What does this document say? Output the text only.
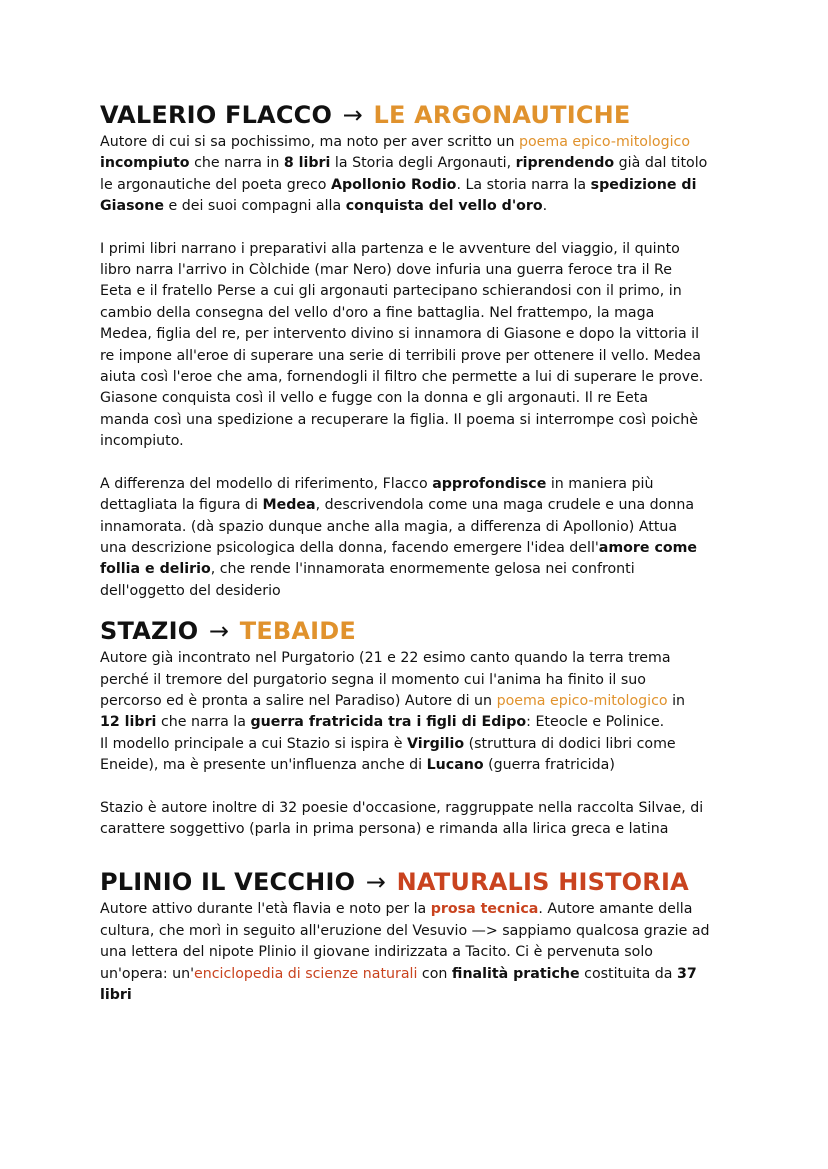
VALERIO FLACCO → LE ARGONAUTICHE

Autore di cui si sa pochissimo, ma noto per aver scritto un poema epico-mitologico
incompiuto che narra in 8 libri la Storia degli Argonauti, riprendendo già dal titolo
le argonautiche del poeta greco Apollonio Rodio. La storia narra la spedizione di
Giasone e dei suoi compagni alla conquista del vello d'oro.

I primi libri narrano i preparativi alla partenza e le avventure del viaggio, il quinto
libro narra l'arrivo in Còlchide (mar Nero) dove infuria una guerra feroce tra il Re
Eeta e il fratello Perse a cui gli argonauti partecipano schierandosi con il primo, in
cambio della consegna del vello d'oro a fine battaglia. Nel frattempo, la maga
Medea, figlia del re, per intervento divino si innamora di Giasone e dopo la vittoria il
re impone all'eroe di superare una serie di terribili prove per ottenere il vello. Medea
aiuta così l'eroe che ama, fornendogli il filtro che permette a lui di superare le prove.
Giasone conquista così il vello e fugge con la donna e gli argonauti. Il re Eeta
manda così una spedizione a recuperare la figlia. Il poema si interrompe così poichè
incompiuto.

A differenza del modello di riferimento, Flacco approfondisce in maniera più
dettagliata la figura di Medea, descrivendola come una maga crudele e una donna
innamorata. (dà spazio dunque anche alla magia, a differenza di Apollonio) Attua
una descrizione psicologica della donna, facendo emergere l'idea dell'amore come
follia e delirio, che rende l'innamorata enormemente gelosa nei confronti
dell'oggetto del desiderio

STAZIO → TEBAIDE

Autore già incontrato nel Purgatorio (21 e 22 esimo canto quando la terra trema
perché il tremore del purgatorio segna il momento cui l'anima ha finito il suo
percorso ed è pronta a salire nel Paradiso) Autore di un poema epico-mitologico in
12 libri che narra la guerra fratricida tra i figli di Edipo: Eteocle e Polinice.
Il modello principale a cui Stazio si ispira è Virgilio (struttura di dodici libri come
Eneide), ma è presente un'influenza anche di Lucano (guerra fratricida)

Stazio è autore inoltre di 32 poesie d'occasione, raggruppate nella raccolta Silvae, di
carattere soggettivo (parla in prima persona) e rimanda alla lirica greca e latina

PLINIO IL VECCHIO → NATURALIS HISTORIA

Autore attivo durante l'età flavia e noto per la prosa tecnica. Autore amante della
cultura, che morì in seguito all'eruzione del Vesuvio —> sappiamo qualcosa grazie ad
una lettera del nipote Plinio il giovane indirizzata a Tacito. Ci è pervenuta solo
un'opera: un'enciclopedia di scienze naturali con finalità pratiche costituita da 37
libri
